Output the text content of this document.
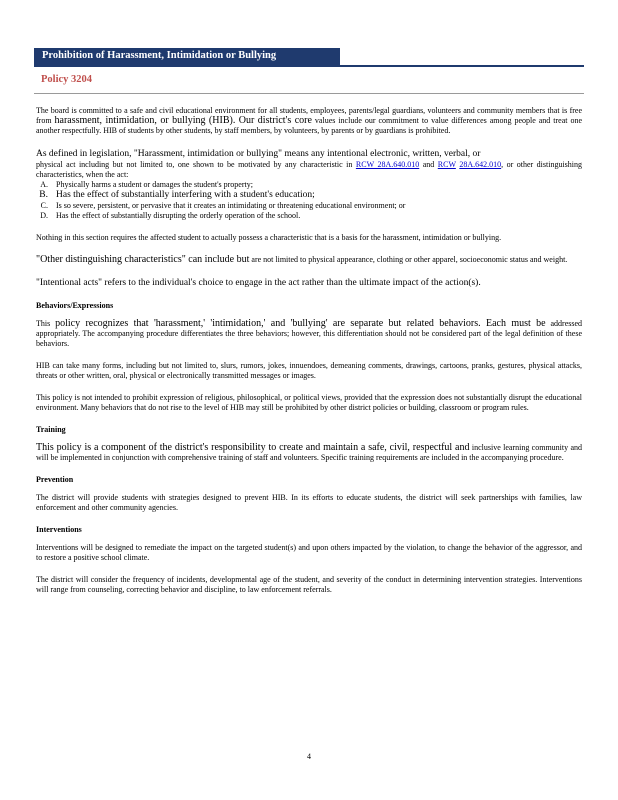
Prohibition of Harassment, Intimidation or Bullying
Policy 3204

The board is committed to a safe and civil educational environment for all students, employees, parents/legal guardians, volunteers and community members that is free from harassment, intimidation, or bullying (HIB). Our district's core values include our commitment to value differences among people and treat one another respectfully. HIB of students by other students, by staff members, by volunteers, by parents or by guardians is prohibited.

As defined in legislation, "Harassment, intimidation or bullying" means any intentional electronic, written, verbal, or

physical act including but not limited to, one shown to be motivated by any characteristic in RCW 28A.640.010 and RCW 28A.642.010, or other distinguishing characteristics, when the act:

A. Physically harms a student or damages the student's property;
B. Has the effect of substantially interfering with a student's education;
C. Is so severe, persistent, or pervasive that it creates an intimidating or threatening educational environment; or
D. Has the effect of substantially disrupting the orderly operation of the school.

Nothing in this section requires the affected student to actually possess a characteristic that is a basis for the harassment, intimidation or bullying.

"Other distinguishing characteristics" can include but are not limited to physical appearance, clothing or other apparel, socioeconomic status and weight.

"Intentional acts" refers to the individual's choice to engage in the act rather than the ultimate impact of the action(s).

Behaviors/Expressions

This policy recognizes that 'harassment,' 'intimidation,' and 'bullying' are separate but related behaviors. Each must be addressed appropriately. The accompanying procedure differentiates the three behaviors; however, this differentiation should not be considered part of the legal definition of these behaviors.

HIB can take many forms, including but not limited to, slurs, rumors, jokes, innuendoes, demeaning comments, drawings, cartoons, pranks, gestures, physical attacks, threats or other written, oral, physical or electronically transmitted messages or images.

This policy is not intended to prohibit expression of religious, philosophical, or political views, provided that the expression does not substantially disrupt the educational environment. Many behaviors that do not rise to the level of HIB may still be prohibited by other district policies or building, classroom or program rules.

Training

This policy is a component of the district's responsibility to create and maintain a safe, civil, respectful and inclusive learning community and will be implemented in conjunction with comprehensive training of staff and volunteers. Specific training requirements are included in the accompanying procedure.

Prevention

The district will provide students with strategies designed to prevent HIB. In its efforts to educate students, the district will seek partnerships with families, law enforcement and other community agencies.

Interventions

Interventions will be designed to remediate the impact on the targeted student(s) and upon others impacted by the violation, to change the behavior of the aggressor, and to restore a positive school climate.

The district will consider the frequency of incidents, developmental age of the student, and severity of the conduct in determining intervention strategies. Interventions will range from counseling, correcting behavior and discipline, to law enforcement referrals.

4
